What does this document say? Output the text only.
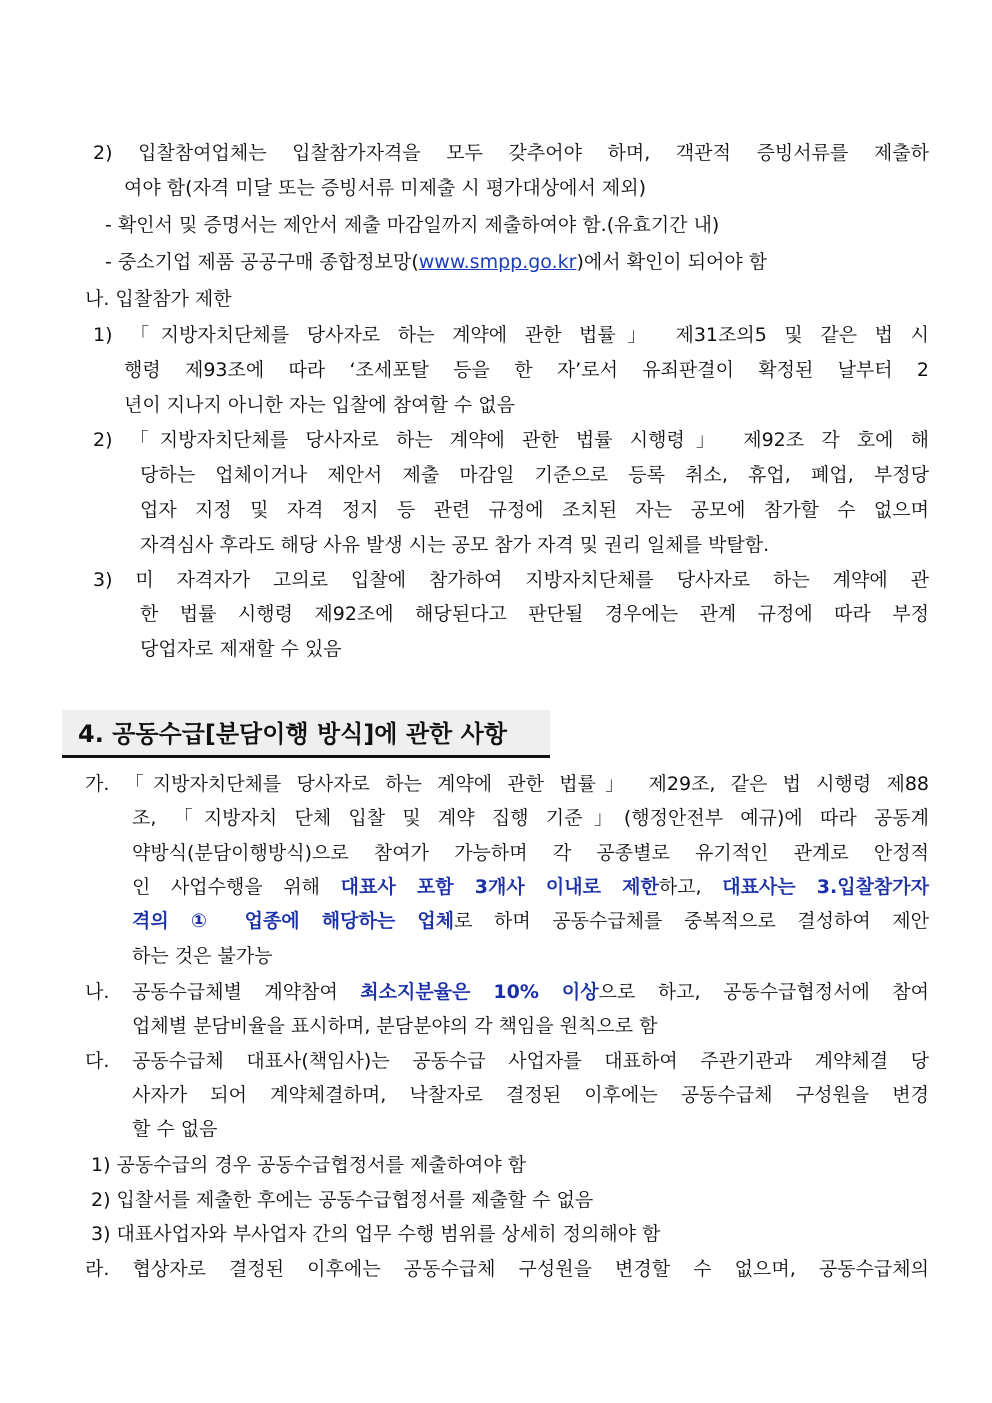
2) 입찰참여업체는 입찰참가자격을 모두 갖추어야 하며, 객관적 증빙서류를 제출하
여야 함(자격 미달 또는 증빙서류 미제출 시 평가대상에서 제외)
- 확인서 및 증명서는 제안서 제출 마감일까지 제출하여야 함.(유효기간 내)
- 중소기업 제품 공공구매 종합정보망(www.smpp.go.kr)에서 확인이 되어야 함
나. 입찰참가 제한
1) 「지방자치단체를 당사자로 하는 계약에 관한 법률」 제31조의5 및 같은 법 시
행령 제93조에 따라 ‘조세포탈 등을 한 자’로서 유죄판결이 확정된 날부터 2
년이 지나지 아니한 자는 입찰에 참여할 수 없음
2) 「지방자치단체를 당사자로 하는 계약에 관한 법률 시행령」 제92조 각 호에 해
당하는 업체이거나 제안서 제출 마감일 기준으로 등록 취소, 휴업, 폐업, 부정당
업자 지정 및 자격 정지 등 관련 규정에 조치된 자는 공모에 참가할 수 없으며
자격심사 후라도 해당 사유 발생 시는 공모 참가 자격 및 권리 일체를 박탈함.
3) 미 자격자가 고의로 입찰에 참가하여 지방자치단체를 당사자로 하는 계약에 관
한 법률 시행령 제92조에 해당된다고 판단될 경우에는 관계 규정에 따라 부정
당업자로 제재할 수 있음
4. 공동수급[분담이행 방식]에 관한 사항
가. 「지방자치단체를 당사자로 하는 계약에 관한 법률」 제29조, 같은 법 시행령 제88
조, 「지방자치 단체 입찰 및 계약 집행 기준」(행정안전부 예규)에 따라 공동계
약방식(분담이행방식)으로 참여가 가능하며 각 공종별로 유기적인 관계로 안정적
인 사업수행을 위해 대표사 포함 3개사 이내로 제한하고, 대표사는 3.입찰참가자
격의 ① 업종에 해당하는 업체로 하며 공동수급체를 중복적으로 결성하여 제안
하는 것은 불가능
나. 공동수급체별 계약참여 최소지분율은 10% 이상으로 하고, 공동수급협정서에 참여
업체별 분담비율을 표시하며, 분담분야의 각 책임을 원칙으로 함
다. 공동수급체 대표사(책임사)는 공동수급 사업자를 대표하여 주관기관과 계약체결 당
사자가 되어 계약체결하며, 낙찰자로 결정된 이후에는 공동수급체 구성원을 변경
할 수 없음
1) 공동수급의 경우 공동수급협정서를 제출하여야 함
2) 입찰서를 제출한 후에는 공동수급협정서를 제출할 수 없음
3) 대표사업자와 부사업자 간의 업무 수행 범위를 상세히 정의해야 함
라. 협상자로 결정된 이후에는 공동수급체 구성원을 변경할 수 없으며, 공동수급체의
